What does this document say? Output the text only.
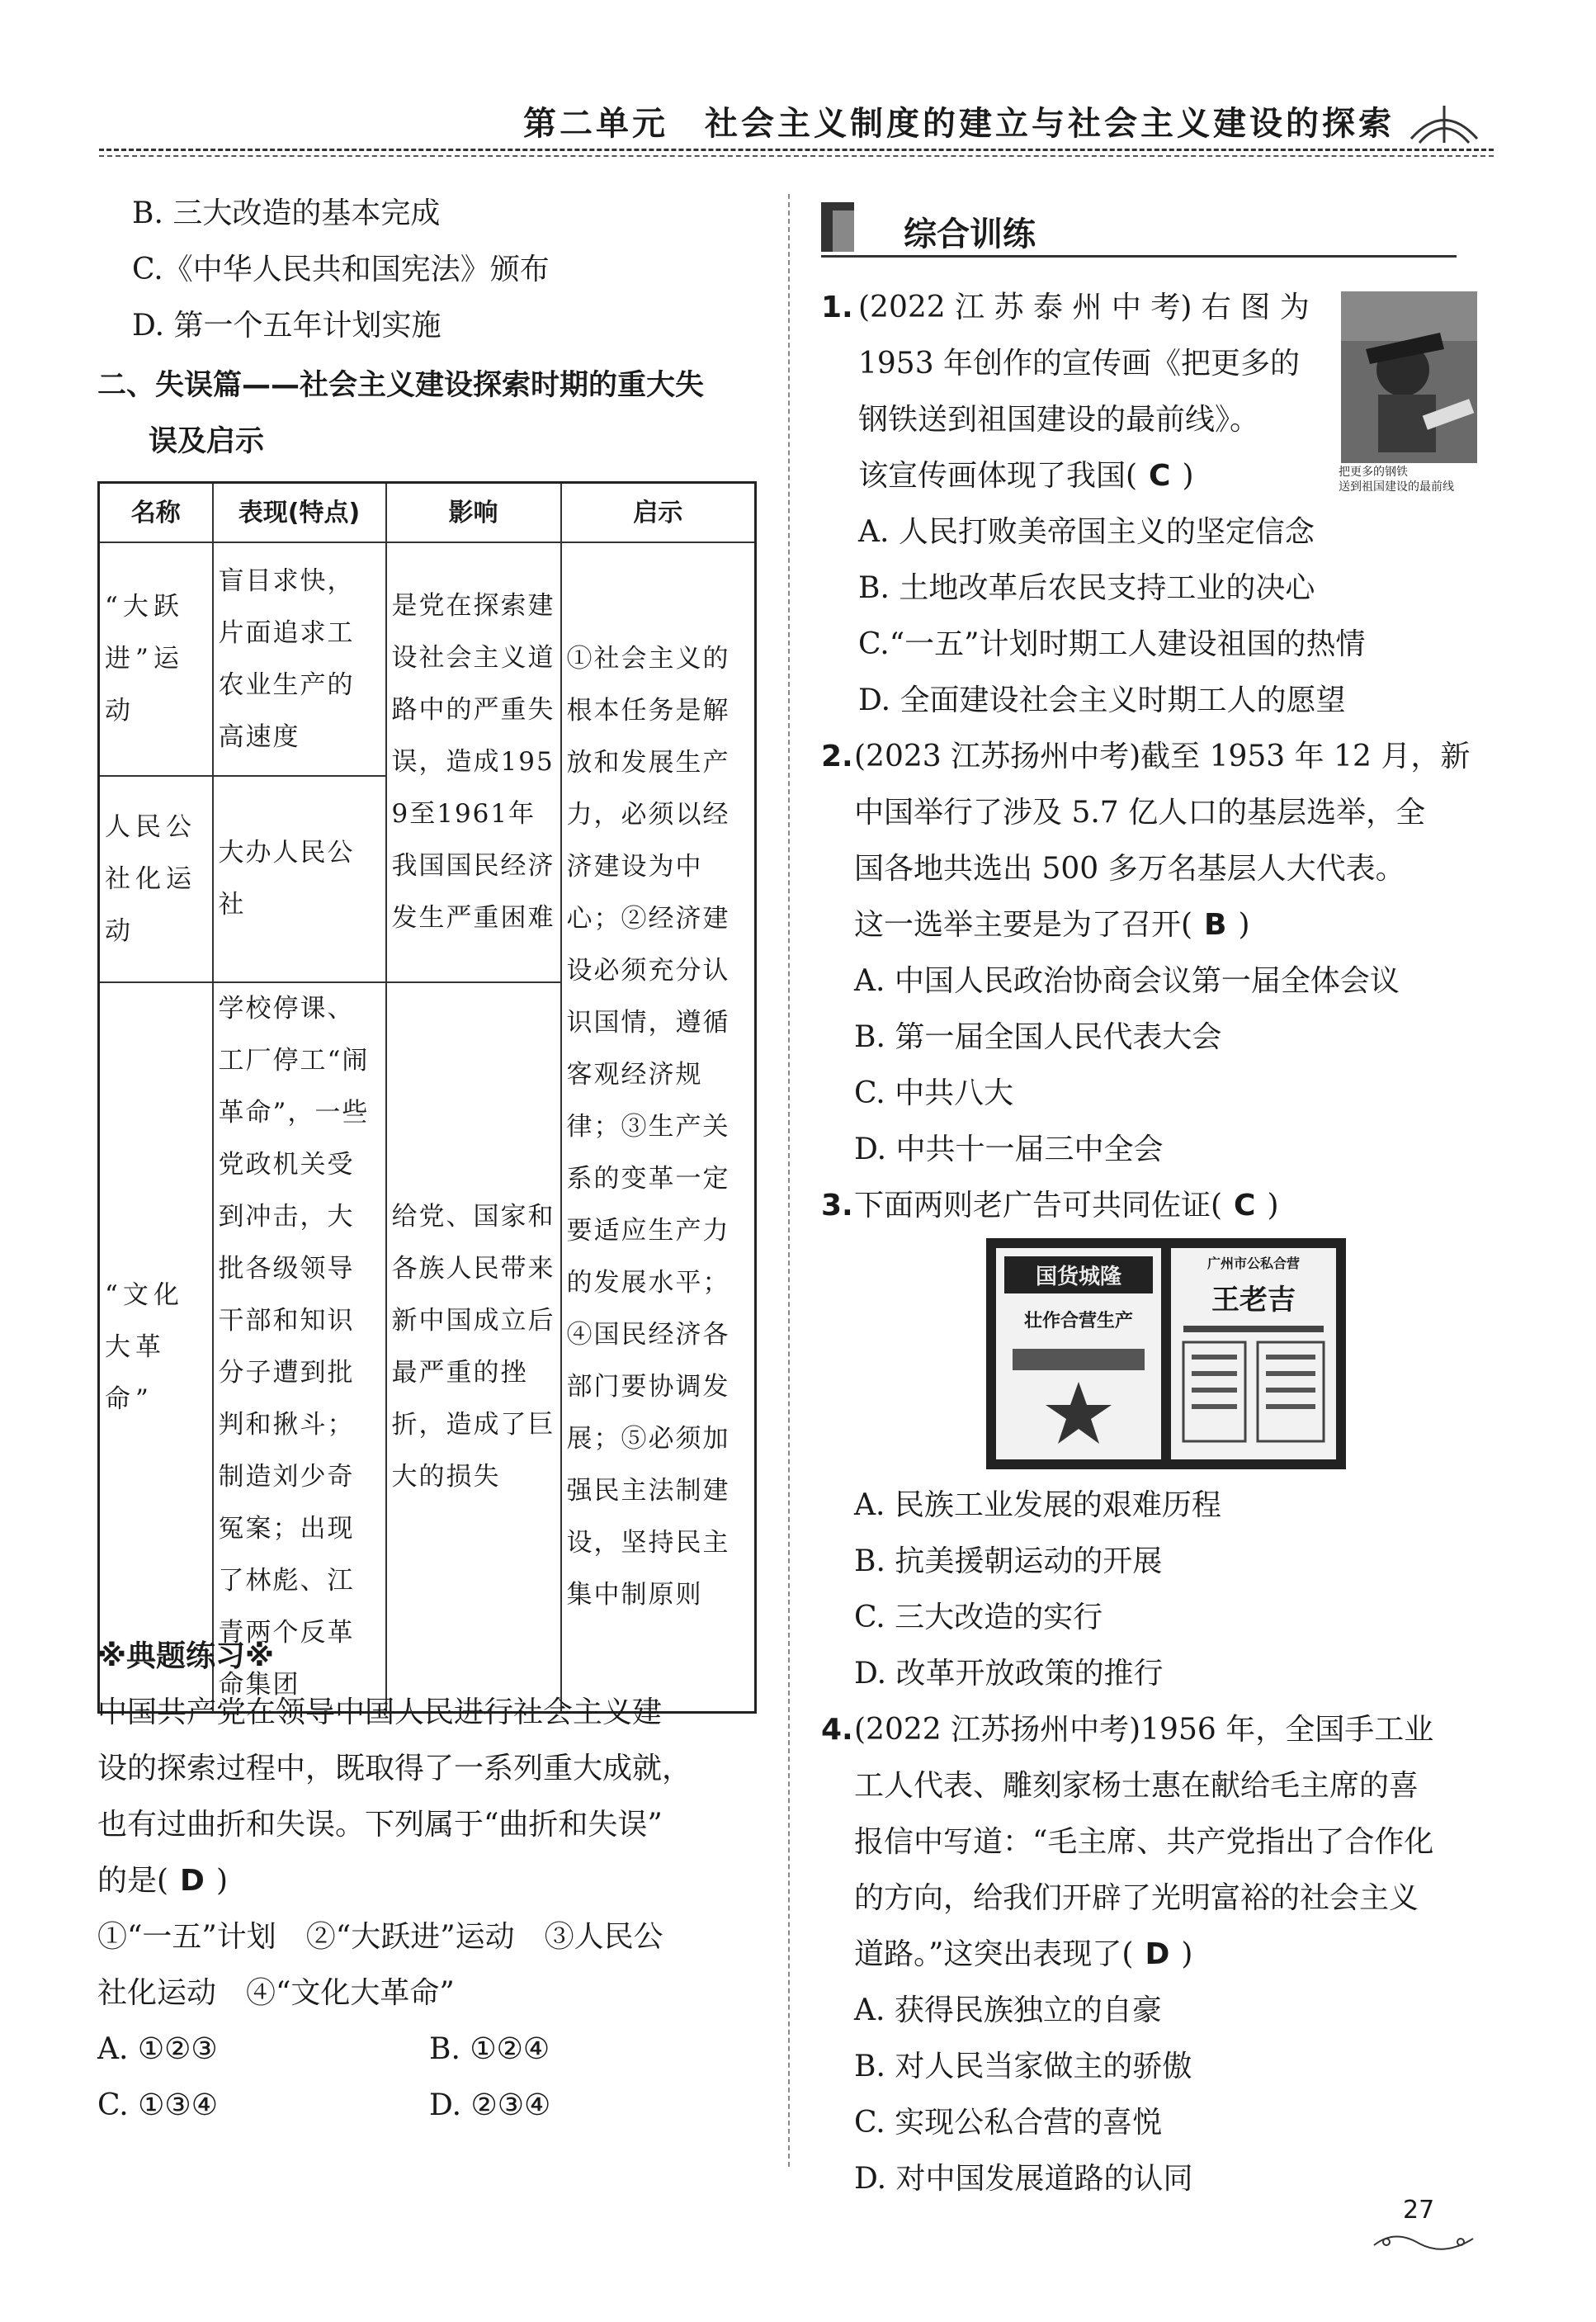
第二单元　社会主义制度的建立与社会主义建设的探索
B. 三大改造的基本完成
C.《中华人民共和国宪法》颁布
D. 第一个五年计划实施
二、失误篇——社会主义建设探索时期的重大失
误及启示
名称	表现(特点)	影响	启示
“大跃进”运动	盲目求快，片面追求工农业生产的高速度	是党在探索建设社会主义道路中的严重失误，造成1959至1961年我国国民经济发生严重困难	①社会主义的根本任务是解放和发展生产力，必须以经济建设为中心；②经济建设必须充分认识国情，遵循客观经济规律；③生产关系的变革一定要适应生产力的发展水平；④国民经济各部门要协调发展；⑤必须加强民主法制建设，坚持民主集中制原则
人民公社化运动	大办人民公社		
“文化大革命”	学校停课、工厂停工“闹革命”，一些党政机关受到冲击，大批各级领导干部和知识分子遭到批判和揪斗；制造刘少奇冤案；出现了林彪、江青两个反革命集团	给党、国家和各族人民带来新中国成立后最严重的挫折，造成了巨大的损失	
※典题练习※
中国共产党在领导中国人民进行社会主义建
设的探索过程中，既取得了一系列重大成就，
也有过曲折和失误。下列属于“曲折和失误”
的是( D )
①“一五”计划　②“大跃进”运动　③人民公
社化运动　④“文化大革命”
A. ①②③	B. ①②④
C. ①③④	D. ②③④
综合训练
1. (2022 江 苏 泰 州 中 考) 右 图 为
1953 年创作的宣传画《把更多的
钢铁送到祖国建设的最前线》。
该宣传画体现了我国( C )	把更多的钢铁
送到祖国建设的最前线
A. 人民打败美帝国主义的坚定信念
B. 土地改革后农民支持工业的决心
C.“一五”计划时期工人建设祖国的热情
D. 全面建设社会主义时期工人的愿望
2. (2023 江苏扬州中考)截至 1953 年 12 月，新
中国举行了涉及 5.7 亿人口的基层选举，全
国各地共选出 500 多万名基层人大代表。
这一选举主要是为了召开( B )
A. 中国人民政治协商会议第一届全体会议
B. 第一届全国人民代表大会
C. 中共八大
D. 中共十一届三中全会
3. 下面两则老广告可共同佐证( C )
国货城隆
壮作合营生产
广州市公私合营
王老吉
A. 民族工业发展的艰难历程
B. 抗美援朝运动的开展
C. 三大改造的实行
D. 改革开放政策的推行
4. (2022 江苏扬州中考)1956 年，全国手工业
工人代表、雕刻家杨士惠在献给毛主席的喜
报信中写道：“毛主席、共产党指出了合作化
的方向，给我们开辟了光明富裕的社会主义
道路。”这突出表现了( D )
A. 获得民族独立的自豪
B. 对人民当家做主的骄傲
C. 实现公私合营的喜悦
D. 对中国发展道路的认同
27
